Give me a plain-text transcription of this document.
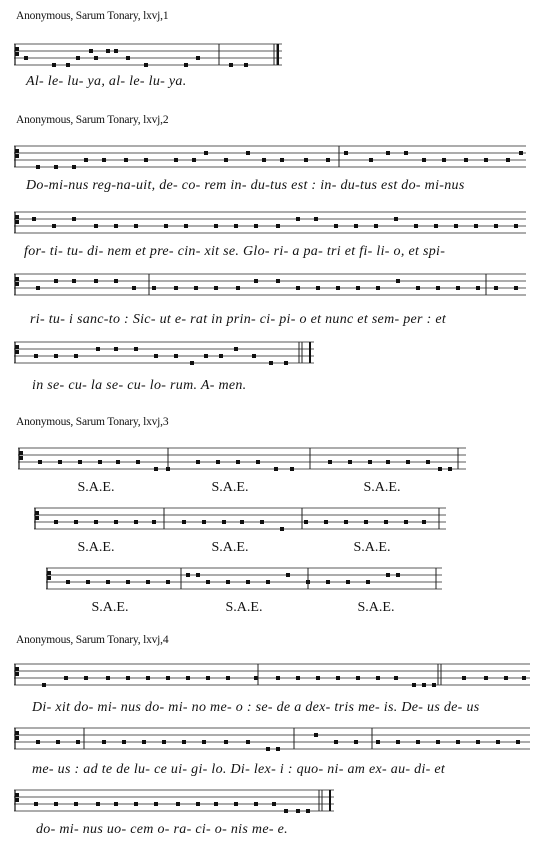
Anonymous, Sarum Tonary, lxvj,1
Al- le- lu- ya, al- le- lu- ya.
Anonymous, Sarum Tonary, lxvj,2
Do-mi-nus reg-na-uit, de- co- rem in- du-tus est : in- du-tus est do- mi-nus
for- ti- tu- di- nem et pre- cin- xit se. Glo- ri- a pa- tri et fi- li- o, et spi-
ri- tu- i sanc-to : Sic- ut e- rat in prin- ci- pi- o et nunc et sem- per : et
in se- cu- la se- cu- lo- rum. A- men.
Anonymous, Sarum Tonary, lxvj,3
S.A.E.	S.A.E.	S.A.E.
S.A.E.	S.A.E.	S.A.E.
S.A.E.	S.A.E.	S.A.E.
Anonymous, Sarum Tonary, lxvj,4
Di- xit do- mi- nus do- mi- no me- o : se- de a dex- tris me- is. De- us de- us
me- us : ad te de lu- ce ui- gi- lo. Di- lex- i : quo- ni- am ex- au- di- et
do- mi- nus uo- cem o- ra- ci- o- nis me- e.
